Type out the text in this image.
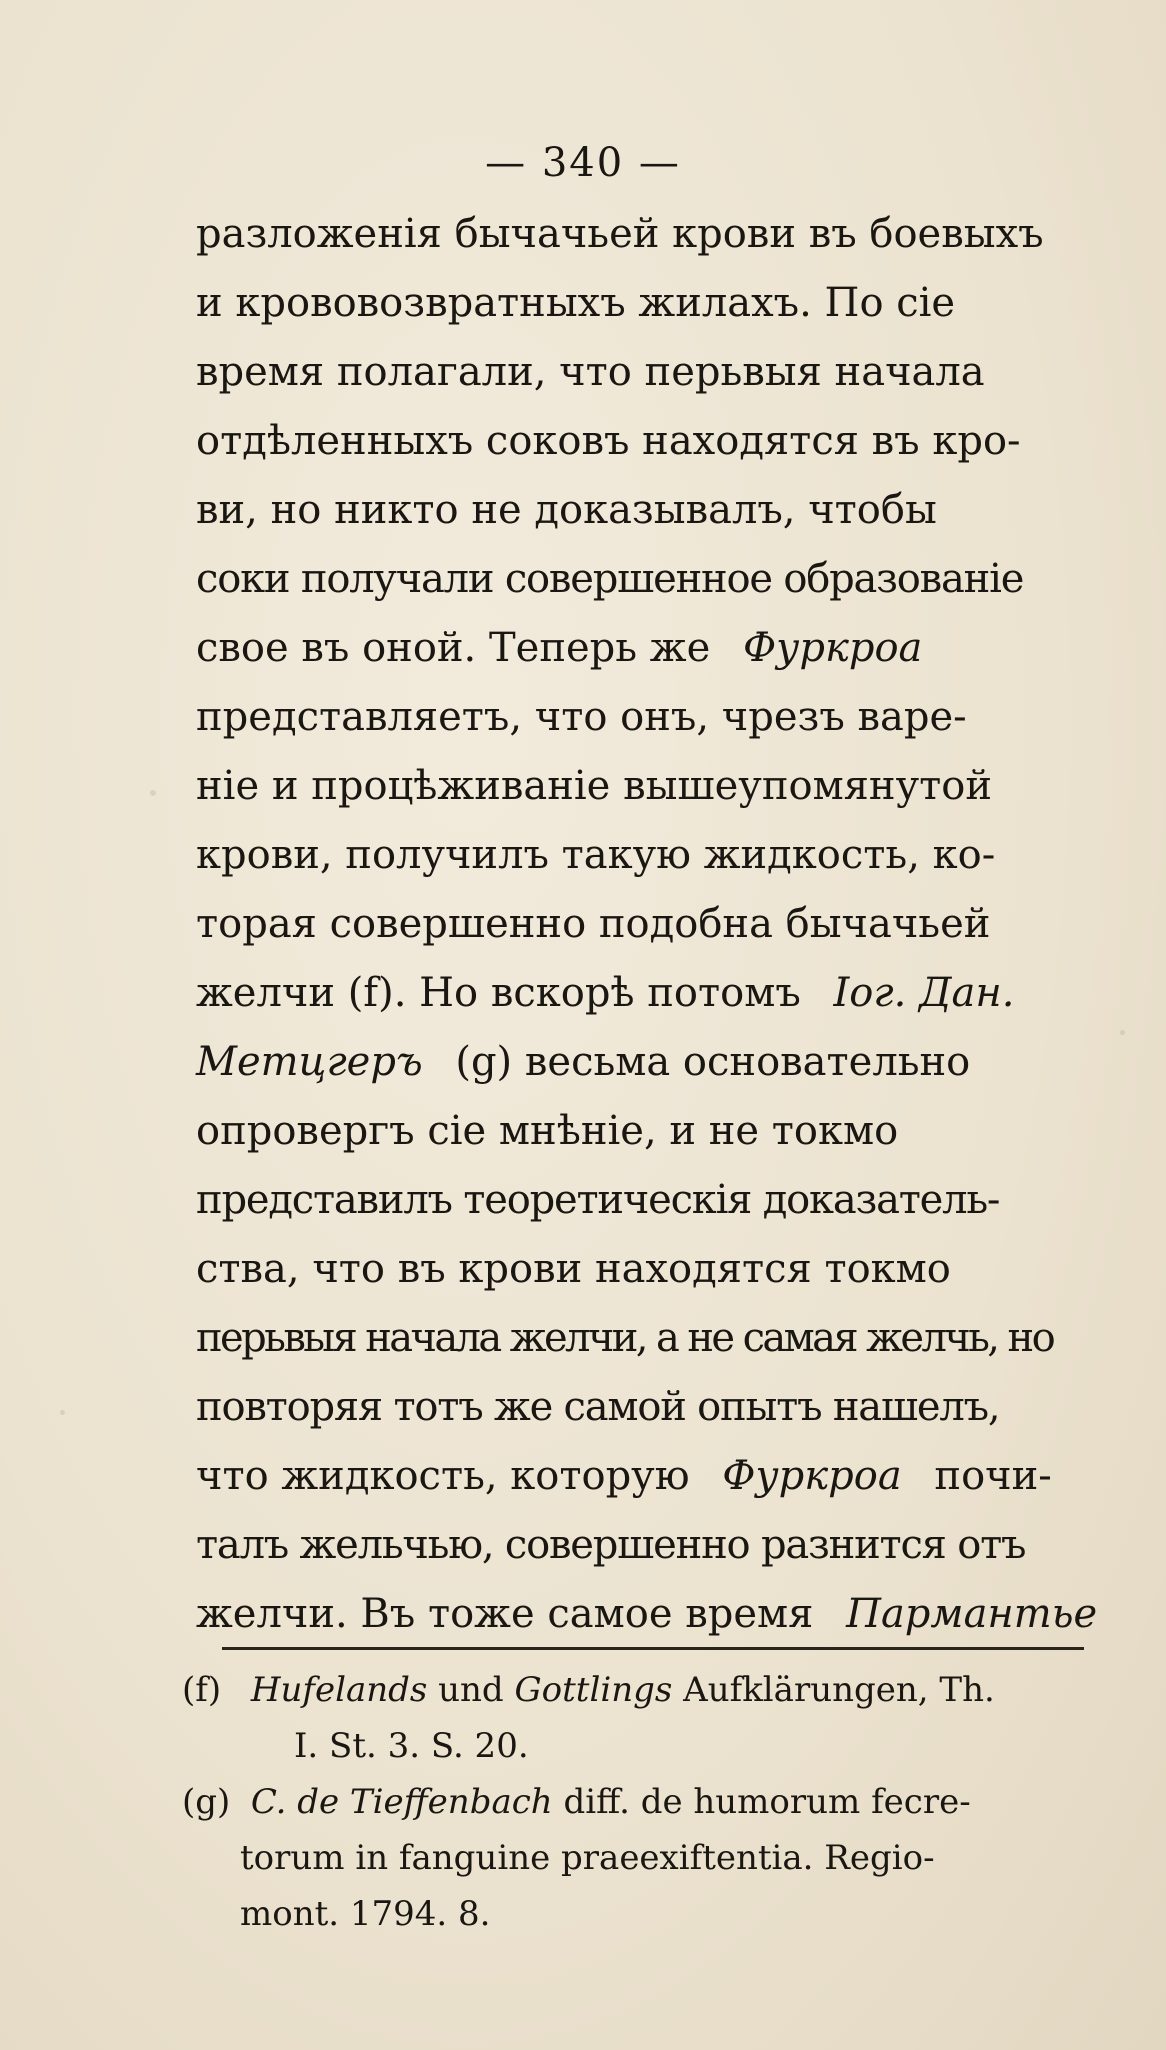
— 340 —
разложенія бычачьей крови въ боевыхъ
и крововозвратныхъ жилахъ. По сіе
время полагали, что перьвыя начала
отдѣленныхъ соковъ находятся въ кро-
ви, но никто не доказывалъ, чтобы
соки получали совершенное образованіе
свое въ оной. Теперь же Фуркроа
представляетъ, что онъ, чрезъ варе-
ніе и процѣживаніе вышеупомянутой
крови, получилъ такую жидкость, ко-
торая совершенно подобна бычачьей
желчи (f). Но вскорѣ потомъ Іог. Дан.
Метцгеръ (g) весьма основательно
опровергъ сіе мнѣніе, и не токмо
представилъ теоретическія доказатель-
ства, что въ крови находятся токмо
перьвыя начала желчи, а не самая желчь, но
повторяя тотъ же самой опытъ нашелъ,
что жидкость, которую Фуркроа почи-
талъ жельчью, совершенно разнится отъ
желчи. Въ тоже самое время Пармантье
(f) Hufelands und Gottlings Aufklärungen, Th.
I. St. 3. S. 20.
(g) C. de Tieffenbach diff. de humorum fecre-
torum in fanguine praeexiftentia. Regio-
mont. 1794. 8.
